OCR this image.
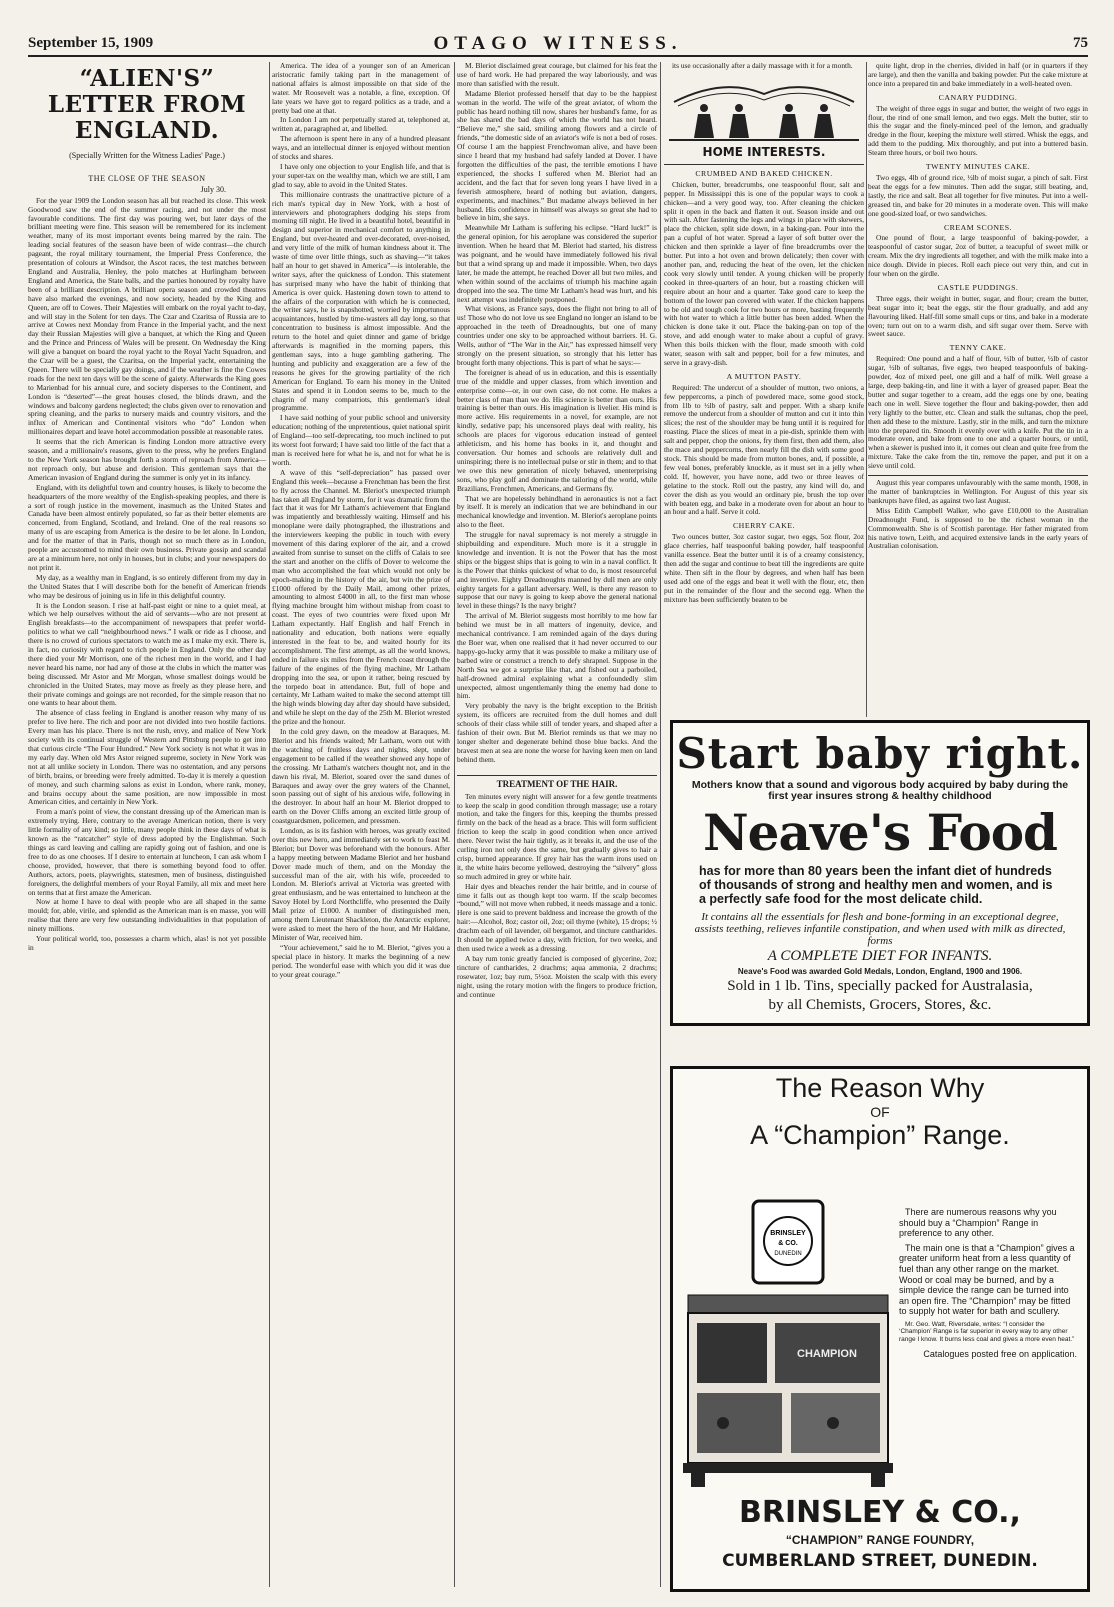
September 15, 1909	OTAGO WITNESS.	75
“ALIEN'S” LETTER FROM ENGLAND.
(Specially Written for the Witness Ladies' Page.)
THE CLOSE OF THE SEASON
July 30.

For the year 1909 the London season has all but reached its close. This week Goodwood saw the end of the summer racing, and not under the most favourable conditions. The first day was pouring wet, but later days of the brilliant meeting were fine. This season will be remembered for its inclement weather, many of its most important events being marred by the rain. The leading social features of the season have been of wide contrast—the church pageant, the royal military tournament, the Imperial Press Conference, the presentation of colours at Windsor, the Ascot races, the test matches between England and Australia, Henley, the polo matches at Hurlingham between England and America, the State balls, and the parties honoured by royalty have been of a brilliant description. A brilliant opera season and crowded theatres have also marked the evenings, and now society, headed by the King and Queen, are off to Cowes. Their Majesties will embark on the royal yacht to-day, and will stay in the Solent for ten days. The Czar and Czaritsa of Russia are to arrive at Cowes next Monday from France in the Imperial yacht, and the next day their Russian Majesties will give a banquet, at which the King and Queen and the Prince and Princess of Wales will be present. On Wednesday the King will give a banquet on board the royal yacht to the Royal Yacht Squadron, and the Czar will be a guest, the Czaritsa, on the Imperial yacht, entertaining the Queen. There will be specially gay doings, and if the weather is fine the Cowes roads for the next ten days will be the scene of gaiety. Afterwards the King goes to Marienbad for his annual cure, and society disperses to the Continent, and London is “deserted”—the great houses closed, the blinds drawn, and the windows and balcony gardens neglected; the clubs given over to renovation and spring cleaning, and the parks to nursery maids and country visitors, and the influx of American and Continental visitors who “do” London when millionaires depart and leave hotel accommodation possible at reasonable rates.

It seems that the rich American is finding London more attractive every season, and a millionaire's reasons, given to the press, why he prefers England to the New York season has brought forth a storm of reproach from America—not reproach only, but abuse and derision. This gentleman says that the American invasion of England during the summer is only yet in its infancy.

England, with its delightful town and country houses, is likely to become the headquarters of the more wealthy of the English-speaking peoples, and there is a sort of rough justice in the movement, inasmuch as the United States and Canada have been almost entirely populated, so far as their better elements are concerned, from England, Scotland, and Ireland. One of the real reasons so many of us are escaping from America is the desire to be let alone. In London, and for the matter of that in Paris, though not so much there as in London, people are accustomed to mind their own business. Private gossip and scandal are at a minimum here, not only in houses, but in clubs; and your newspapers do not print it.

My day, as a wealthy man in England, is so entirely different from my day in the United States that I will describe both for the benefit of American friends who may be desirous of joining us in life in this delightful country.

It is the London season. I rise at half-past eight or nine to a quiet meal, at which we help ourselves without the aid of servants—who are not present at English breakfasts—to the accompaniment of newspapers that prefer world-politics to what we call “neighbourhood news.” I walk or ride as I choose, and there is no crowd of curious spectators to watch me as I make my exit. There is, in fact, no curiosity with regard to rich people in England. Only the other day there died your Mr Morrison, one of the richest men in the world, and I had never heard his name, nor had any of those at the clubs in which the matter was being discussed. Mr Astor and Mr Morgan, whose smallest doings would be chronicled in the United States, may move as freely as they please here, and their private comings and goings are not recorded, for the simple reason that no one wants to hear about them.

The absence of class feeling in England is another reason why many of us prefer to live here. The rich and poor are not divided into two hostile factions. Every man has his place. There is not the rush, envy, and malice of New York society with its continual struggle of Western and Pittsburg people to get into that curious circle “The Four Hundred.” New York society is not what it was in my early day. When old Mrs Astor reigned supreme, society in New York was not at all unlike society in London. There was no ostentation, and any persons of birth, brains, or breeding were freely admitted. To-day it is merely a question of money, and such charming salons as exist in London, where rank, money, and brains occupy about the same position, are now impossible in most American cities, and certainly in New York.

From a man's point of view, the constant dressing up of the American man is extremely trying. Here, contrary to the average American notion, there is very little formality of any kind; so little, many people think in these days of what is known as the “ratcatcher” style of dress adopted by the Englishman. Such things as card leaving and calling are rapidly going out of fashion, and one is free to do as one chooses. If I desire to entertain at luncheon, I can ask whom I choose, provided, however, that there is something beyond food to offer. Authors, actors, poets, playwrights, statesmen, men of business, distinguished foreigners, the delightful members of your Royal Family, all mix and meet here on terms that at first amaze the American.

Now at home I have to deal with people who are all shaped in the same mould; for, able, virile, and splendid as the American man is en masse, you will realise that there are very few outstanding individualities in that population of ninety millions.

Your political world, too, possesses a charm which, alas! is not yet possible in

America. The idea of a younger son of an American aristocratic family taking part in the management of national affairs is almost impossible on that side of the water. Mr Roosevelt was a notable, a fine, exception. Of late years we have got to regard politics as a trade, and a pretty bad one at that.

In London I am not perpetually stared at, telephoned at, written at, paragraphed at, and libelled.

The afternoon is spent here in any of a hundred pleasant ways, and an intellectual dinner is enjoyed without mention of stocks and shares.

I have only one objection to your English life, and that is your super-tax on the wealthy man, which we are still, I am glad to say, able to avoid in the United States.

This millionaire contrasts the unattractive picture of a rich man's typical day in New York, with a host of interviewers and photographers dodging his steps from morning till night. He lived in a beautiful hotel, beautiful in design and superior in mechanical comfort to anything in England, but over-heated and over-decorated, over-noised, and very little of the milk of human kindness about it. The waste of time over little things, such as shaving—“it takes half an hour to get shaved in America”—is intolerable, the writer says, after the quickness of London. This statement has surprised many who have the habit of thinking that America is over quick. Hastening down town to attend to the affairs of the corporation with which he is connected, the writer says, he is snapshotted, worried by importunous acquaintances, hustled by time-wasters all day long, so that concentration to business is almost impossible. And the return to the hotel and quiet dinner and game of bridge afterwards is magnified in the morning papers, this gentleman says, into a huge gambling gathering. The hunting and publicity and exaggeration are a few of the reasons he gives for the growing partiality of the rich American for England. To earn his money in the United States and spend it in London seems to be, much to the chagrin of many compatriots, this gentleman's ideal programme.

I have said nothing of your public school and university education; nothing of the unpretentious, quiet national spirit of England—too self-deprecating, too much inclined to put its worst foot forward; I have said too little of the fact that a man is received here for what he is, and not for what he is worth.

A wave of this “self-depreciation” has passed over England this week—because a Frenchman has been the first to fly across the Channel. M. Bleriot's unexpected triumph has taken all England by storm, for it was dramatic from the fact that it was for Mr Latham's achievement that England was impatiently and breathlessly waiting. Himself and his monoplane were daily photographed, the illustrations and the interviewers keeping the public in touch with every movement of this daring explorer of the air, and a crowd awaited from sunrise to sunset on the cliffs of Calais to see the start and another on the cliffs of Dover to welcome the man who accomplished the feat which would not only be epoch-making in the history of the air, but win the prize of £1000 offered by the Daily Mail, among other prizes, amounting to almost £4000 in all, to the first man whose flying machine brought him without mishap from coast to coast. The eyes of two countries were fixed upon Mr Latham expectantly. Half English and half French in nationality and education, both nations were equally interested in the feat to be, and waited hourly for its accomplishment. The first attempt, as all the world knows, ended in failure six miles from the French coast through the failure of the engines of the flying machine, Mr Latham dropping into the sea, or upon it rather, being rescued by the torpedo boat in attendance. But, full of hope and certainty, Mr Latham waited to make the second attempt till the high winds blowing day after day should have subsided, and while he slept on the day of the 25th M. Bleriot wrested the prize and the honour.

In the cold grey dawn, on the meadow at Baraques, M. Bleriot and his friends waited; Mr Latham, worn out with the watching of fruitless days and nights, slept, under engagement to be called if the weather showed any hope of the crossing. Mr Latham's watchers thought not, and in the dawn his rival, M. Bleriot, soared over the sand dunes of Baraques and away over the grey waters of the Channel, soon passing out of sight of his anxious wife, following in the destroyer. In about half an hour M. Bleriot dropped to earth on the Dover Cliffs among an excited little group of coastguardsmen, policemen, and pressmen.

London, as is its fashion with heroes, was greatly excited over this new hero, and immediately set to work to feast M. Bleriot; but Dover was beforehand with the honours. After a happy meeting between Madame Bleriot and her husband Dover made much of them, and on the Monday the successful man of the air, with his wife, proceeded to London. M. Bleriot's arrival at Victoria was greeted with great enthusiasm, and he was entertained to luncheon at the Savoy Hotel by Lord Northcliffe, who presented the Daily Mail prize of £1000. A number of distinguished men, among them Lieutenant Shackleton, the Antarctic explorer, were asked to meet the hero of the hour, and Mr Haldane, Minister of War, received him.

“Your achievement,” said he to M. Bleriot, “gives you a special place in history. It marks the beginning of a new period. The wonderful ease with which you did it was due to your great courage.”

M. Bleriot disclaimed great courage, but claimed for his feat the use of hard work. He had prepared the way laboriously, and was more than satisfied with the result.

Madame Bleriot professed herself that day to be the happiest woman in the world. The wife of the great aviator, of whom the public has heard nothing till now, shares her husband's fame, for as she has shared the bad days of which the world has not heard. “Believe me,” she said, smiling among flowers and a circle of friends, “the domestic side of an aviator's wife is not a bed of roses. Of course I am the happiest Frenchwoman alive, and have been since I heard that my husband had safely landed at Dover. I have forgotten the difficulties of the past, the terrible emotions I have experienced, the shocks I suffered when M. Bleriot had an accident, and the fact that for seven long years I have lived in a feverish atmosphere, heard of nothing but aviation, dangers, experiments, and machines.” But madame always believed in her husband. His confidence in himself was always so great she had to believe in him, she says.

Meanwhile Mr Latham is suffering his eclipse. “Hard luck!” is the general opinion, for his aeroplane was considered the superior invention. When he heard that M. Bleriot had started, his distress was poignant, and he would have immediately followed his rival but that a wind sprang up and made it impossible. When, two days later, he made the attempt, he reached Dover all but two miles, and when within sound of the acclaims of triumph his machine again dropped into the sea. The time Mr Latham's head was hurt, and his next attempt was indefinitely postponed.

What visions, as France says, does the flight not bring to all of us! Those who do not love us see England no longer an island to be approached in the teeth of Dreadnoughts, but one of many countries under one sky to be approached without barriers. H. G. Wells, author of “The War in the Air,” has expressed himself very strongly on the present situation, so strongly that his letter has brought forth many objections. This is part of what he says:—

The foreigner is ahead of us in education, and this is essentially true of the middle and upper classes, from which invention and enterprise come—or, in our own case, do not come. He makes a better class of man than we do. His science is better than ours. His training is better than ours. His imagination is livelier. His mind is more active. His requirements in a novel, for example, are not kindly, sedative pap; his uncensored plays deal with reality, his schools are places for vigorous education instead of genteel athleticism, and his home has books in it, and thought and conversation. Our homes and schools are relatively dull and uninspiring; there is no intellectual pulse or stir in them; and to that we owe this new generation of nicely behaved, unenterprising sons, who play golf and dominate the tailoring of the world, while Brazilians, Frenchmen, Americans, and Germans fly.

That we are hopelessly behindhand in aeronautics is not a fact by itself. It is merely an indication that we are behindhand in our mechanical knowledge and invention. M. Bleriot's aeroplane points also to the fleet.

The struggle for naval supremacy is not merely a struggle in shipbuilding and expenditure. Much more is it a struggle in knowledge and invention. It is not the Power that has the most ships or the biggest ships that is going to win in a naval conflict. It is the Power that thinks quickest of what to do, is most resourceful and inventive. Eighty Dreadnoughts manned by dull men are only eighty targets for a gallant adversary. Well, is there any reason to suppose that our navy is going to keep above the general national level in these things? Is the navy bright?

The arrival of M. Bleriot suggests most horribly to me how far behind we must be in all matters of ingenuity, device, and mechanical contrivance. I am reminded again of the days during the Boer war, when one realised that it had never occurred to our happy-go-lucky army that it was possible to make a military use of barbed wire or construct a trench to defy shrapnel. Suppose in the North Sea we got a surprise like that, and fished out a parboiled, half-drowned admiral explaining what a confoundedly slim unexpected, almost ungentlemanly thing the enemy had done to him.

Very probably the navy is the bright exception to the British system, its officers are recruited from the dull homes and dull schools of their class while still of tender years, and shaped after a fashion of their own. But M. Bleriot reminds us that we may no longer shelter and degenerate behind those blue backs. And the bravest men at sea are none the worse for having keen men on land behind them.

TREATMENT OF THE HAIR.

Ten minutes every night will answer for a few gentle treatments to keep the scalp in good condition through massage; use a rotary motion, and take the fingers for this, keeping the thumbs pressed firmly on the back of the head as a brace. This will form sufficient friction to keep the scalp in good condition when once arrived there. Never twist the hair tightly, as it breaks it, and the use of the curling iron not only does the same, but gradually gives to hair a crisp, burned appearance. If grey hair has the warm irons used on it, the white hairs become yellowed, destroying the “silvery” gloss so much admired in grey or white hair.

Hair dyes and bleaches render the hair brittle, and in course of time it falls out as though kept too warm. If the scalp becomes “bound,” will not move when rubbed, it needs massage and a tonic. Here is one said to prevent baldness and increase the growth of the hair:—Alcohol, 8oz; castor oil, 2oz; oil thyme (white), 15 drops; ½ drachm each of oil lavender, oil bergamot, and tincture cantharides. It should be applied twice a day, with friction, for two weeks, and then used twice a week as a dressing.

A bay rum tonic greatly fancied is composed of glycerine, 2oz; tincture of cantharides, 2 drachms; aqua ammonia, 2 drachms; rosewater, 1oz; bay rum, 5½oz. Moisten the scalp with this every night, using the rotary motion with the fingers to produce friction, and continue

its use occasionally after a daily massage with it for a month.

HOME INTERESTS.
CRUMBED AND BAKED CHICKEN.

Chicken, butter, breadcrumbs, one teaspoonful flour, salt and pepper. In Mississippi this is one of the popular ways to cook a chicken—and a very good way, too. After cleaning the chicken split it open in the back and flatten it out. Season inside and out with salt. After fastening the legs and wings in place with skewers, place the chicken, split side down, in a baking-pan. Pour into the pan a cupful of hot water. Spread a layer of soft butter over the chicken and then sprinkle a layer of fine breadcrumbs over the butter. Put into a hot oven and brown delicately; then cover with another pan, and, reducing the heat of the oven, let the chicken cook very slowly until tender. A young chicken will be properly cooked in three-quarters of an hour, but a roasting chicken will require about an hour and a quarter. Take good care to keep the bottom of the lower pan covered with water. If the chicken happens to be old and tough cook for two hours or more, basting frequently with hot water to which a little butter has been added. When the chicken is done take it out. Place the baking-pan on top of the stove, and add enough water to make about a cupful of gravy. When this boils thicken with the flour, made smooth with cold water, season with salt and pepper, boil for a few minutes, and serve in a gravy-dish.

A MUTTON PASTY.

Required: The undercut of a shoulder of mutton, two onions, a few peppercorns, a pinch of powdered mace, some good stock, from 1lb to ½lb of pastry, salt and pepper. With a sharp knife remove the undercut from a shoulder of mutton and cut it into thin slices; the rest of the shoulder may be hung until it is required for roasting. Place the slices of meat in a pie-dish, sprinkle them with salt and pepper, chop the onions, fry them first, then add them, also the mace and peppercorns, then nearly fill the dish with some good stock. This should be made from mutton bones, and, if possible, a few veal bones, preferably knuckle, as it must set in a jelly when cold. If, however, you have none, add two or three leaves of gelatine to the stock. Roll out the pastry, any kind will do, and cover the dish as you would an ordinary pie, brush the top over with beaten egg, and bake in a moderate oven for about an hour to an hour and a half. Serve it cold.

CHERRY CAKE.

Two ounces butter, 3oz castor sugar, two eggs, 5oz flour, 2oz glace cherries, half teaspoonful baking powder, half teaspoonful vanilla essence. Beat the butter until it is of a creamy consistency, then add the sugar and continue to beat till the ingredients are quite white. Then sift in the flour by degrees, and when half has been used add one of the eggs and beat it well with the flour, etc, then put in the remainder of the flour and the second egg. When the mixture has been sufficiently beaten to be

quite light, drop in the cherries, divided in half (or in quarters if they are large), and then the vanilla and baking powder. Put the cake mixture at once into a prepared tin and bake immediately in a well-heated oven.

CANARY PUDDING.

The weight of three eggs in sugar and butter, the weight of two eggs in flour, the rind of one small lemon, and two eggs. Melt the butter, stir to this the sugar and the finely-minced peel of the lemon, and gradually dredge in the flour, keeping the mixture well stirred. Whisk the eggs, and add them to the pudding. Mix thoroughly, and put into a buttered basin. Steam three hours, or boil two hours.

TWENTY MINUTES CAKE.

Two eggs, 4lb of ground rice, ½lb of moist sugar, a pinch of salt. First beat the eggs for a few minutes. Then add the sugar, still beating, and, lastly, the rice and salt. Beat all together for five minutes. Put into a well-greased tin, and bake for 20 minutes in a moderate oven. This will make one good-sized loaf, or two sandwiches.

CREAM SCONES.

One pound of flour, a large teaspoonful of baking-powder, a teaspoonful of castor sugar, 2oz of butter, a teacupful of sweet milk or cream. Mix the dry ingredients all together, and with the milk make into a nice dough. Divide in pieces. Roll each piece out very thin, and cut in four when on the girdle.

CASTLE PUDDINGS.

Three eggs, their weight in butter, sugar, and flour; cream the butter, beat sugar into it; beat the eggs, stir the flour gradually, and add any flavouring liked. Half-fill some small cups or tins, and bake in a moderate oven; turn out on to a warm dish, and sift sugar over them. Serve with sweet sauce.

TENNY CAKE.

Required: One pound and a half of flour, ½lb of butter, ½lb of castor sugar, ½lb of sultanas, five eggs, two heaped teaspoonfuls of baking-powder, 4oz of mixed peel, one gill and a half of milk. Well grease a large, deep baking-tin, and line it with a layer of greased paper. Beat the butter and sugar together to a cream, add the eggs one by one, beating each one in well. Sieve together the flour and baking-powder, then add very lightly to the butter, etc. Clean and stalk the sultanas, chop the peel, then add these to the mixture. Lastly, stir in the milk, and turn the mixture into the prepared tin. Smooth it evenly over with a knife. Put the tin in a moderate oven, and bake from one to one and a quarter hours, or until, when a skewer is pushed into it, it comes out clean and quite free from the mixture. Take the cake from the tin, remove the paper, and put it on a sieve until cold.

August this year compares unfavourably with the same month, 1908, in the matter of bankruptcies in Wellington. For August of this year six bankrupts have filed, as against two last August.

Miss Edith Campbell Walker, who gave £10,000 to the Australian Dreadnought Fund, is supposed to be the richest woman in the Commonwealth. She is of Scottish parentage. Her father migrated from his native town, Leith, and acquired extensive lands in the early years of Australian colonisation.

Start baby right.
Mothers know that a sound and vigorous body acquired by baby during the first year insures strong & healthy childhood
Neave's Food
has for more than 80 years been the infant diet of hundreds of thousands of strong and healthy men and women, and is a perfectly safe food for the most delicate child.
It contains all the essentials for flesh and bone-forming in an exceptional degree, assists teething, relieves infantile constipation, and when used with milk as directed, forms
A COMPLETE DIET FOR INFANTS.
Neave's Food was awarded Gold Medals, London, England, 1900 and 1906.
Sold in 1 lb. Tins, specially packed for Australasia,
by all Chemists, Grocers, Stores, &c.
The Reason Why
OF
A “Champion” Range.
BRINSLEY
& CO.
DUNEDIN
CHAMPION

There are numerous reasons why you should buy a “Champion” Range in preference to any other.

The main one is that a “Champion” gives a greater uniform heat from a less quantity of fuel than any other range on the market. Wood or coal may be burned, and by a simple device the range can be turned into an open fire. The “Champion” may be fitted to supply hot water for bath and scullery.

Mr. Geo. Watt, Riversdale, writes: “I consider the ‘Champion’ Range is far superior in every way to any other range I know. It burns less coal and gives a more even heat.”

Catalogues posted free on application.
BRINSLEY & CO.,
“CHAMPION” RANGE FOUNDRY,
CUMBERLAND STREET, DUNEDIN.
